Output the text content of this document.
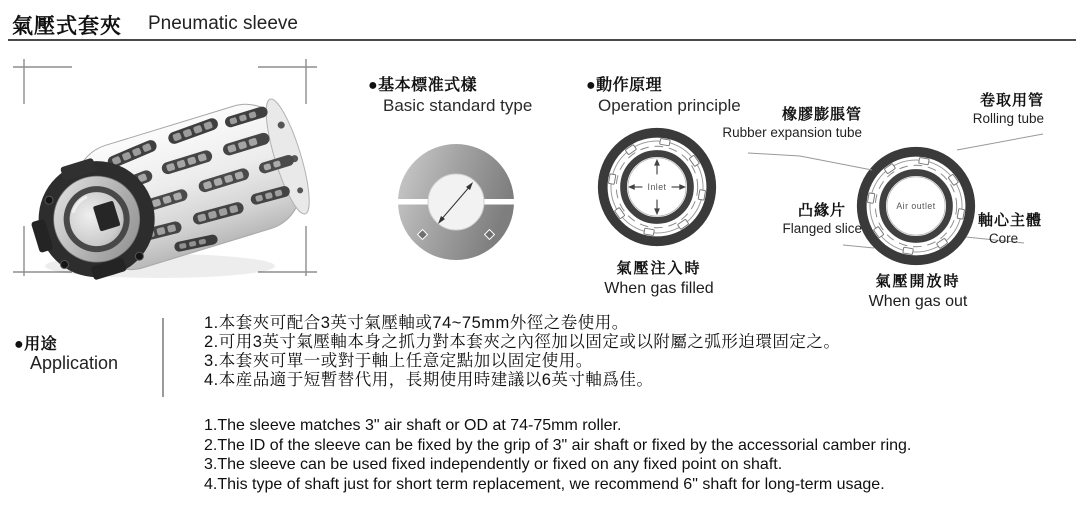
氣壓式套夾 Pneumatic sleeve
●基本標准式樣
Basic standard type
●動作原理
Operation principle
Inlet
Air outlet
橡膠膨脹管
Rubber expansion tube
卷取用管
Rolling tube
凸緣片
Flanged slice	軸心主體
Core
氣壓注入時
When gas filled	氣壓開放時
When gas out
●用途
Application
1.本套夾可配合3英寸氣壓軸或74~75mm外徑之卷使用。
2.可用3英寸氣壓軸本身之抓力對本套夾之內徑加以固定或以附屬之弧形迫環固定之。
3.本套夾可單一或對于軸上任意定點加以固定使用。
4.本産品適于短暫替代用，長期使用時建議以6英寸軸爲佳。
1.The sleeve matches 3" air shaft or OD at 74-75mm roller.
2.The ID of the sleeve can be fixed by the grip of 3" air shaft or fixed by the accessorial camber ring.
3.The sleeve can be used fixed independently or fixed on any fixed point on shaft.
4.This type of shaft just for short term replacement, we recommend 6" shaft for long-term usage.
